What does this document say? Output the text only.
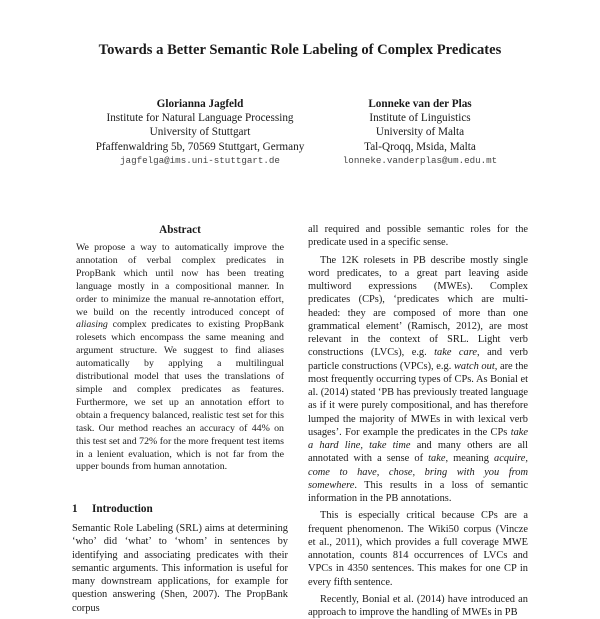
Towards a Better Semantic Role Labeling of Complex Predicates
Glorianna Jagfeld
Institute for Natural Language Processing
University of Stuttgart
Pfaffenwaldring 5b, 70569 Stuttgart, Germany
jagfelga@ims.uni-stuttgart.de
Lonneke van der Plas
Institute of Linguistics
University of Malta
Tal-Qroqq, Msida, Malta
lonneke.vanderplas@um.edu.mt
Abstract
We propose a way to automatically improve the annotation of verbal complex predicates in PropBank which until now has been treating language mostly in a compositional manner. In order to minimize the manual re-annotation effort, we build on the recently introduced concept of aliasing complex predicates to existing PropBank rolesets which encompass the same meaning and argument structure. We suggest to find aliases automatically by applying a multilingual distributional model that uses the translations of simple and complex predicates as features. Furthermore, we set up an annotation effort to obtain a frequency balanced, realistic test set for this task. Our method reaches an accuracy of 44% on this test set and 72% for the more frequent test items in a lenient evaluation, which is not far from the upper bounds from human annotation.
1 Introduction

Semantic Role Labeling (SRL) aims at determining ‘who’ did ‘what’ to ‘whom’ in sentences by identifying and associating predicates with their semantic arguments. This information is useful for many downstream applications, for example for question answering (Shen, 2007). The PropBank corpus

all required and possible semantic roles for the predicate used in a specific sense.

The 12K rolesets in PB describe mostly single word predicates, to a great part leaving aside multiword expressions (MWEs). Complex predicates (CPs), ‘predicates which are multi-headed: they are composed of more than one grammatical element’ (Ramisch, 2012), are most relevant in the context of SRL. Light verb constructions (LVCs), e.g. take care, and verb particle constructions (VPCs), e.g. watch out, are the most frequently occurring types of CPs. As Bonial et al. (2014) stated ‘PB has previously treated language as if it were purely compositional, and has therefore lumped the majority of MWEs in with lexical verb usages’. For example the predicates in the CPs take a hard line, take time and many others are all annotated with a sense of take, meaning acquire, come to have, chose, bring with you from somewhere. This results in a loss of semantic information in the PB annotations.

This is especially critical because CPs are a frequent phenomenon. The Wiki50 corpus (Vincze et al., 2011), which provides a full coverage MWE annotation, counts 814 occurrences of LVCs and VPCs in 4350 sentences. This makes for one CP in every fifth sentence.

Recently, Bonial et al. (2014) have introduced an approach to improve the handling of MWEs in PB
